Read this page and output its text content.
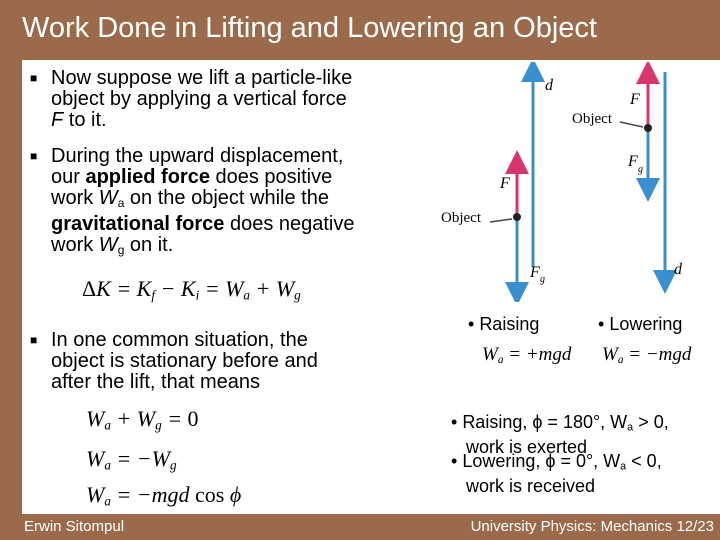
Work Done in Lifting and Lowering an Object
■ Now suppose we lift a particle-like
object by applying a vertical force
F to it.
■ During the upward displacement,
our applied force does positive
work $W_a$ on the object while the
gravitational force does negative
work $W_g$ on it.
$\Delta K = K_f - K_i = W_a + W_g$
■ In one common situation, the
object is stationary before and
after the lift, that means
$W_a + W_g = 0$
$W_a = -W_g$
$W_a = -mgd$ cos ϕ
d
F
F g
F
F g
d
Object
Object
• Raising	• Lowering
$W_a = +mgd$ $W_a = -mgd$
• Raising, ϕ = 180°, $W_a > 0$,
work is exerted
• Lowering, ϕ = 0°, $W_a < 0$,
work is received
Erwin Sitompul	University Physics: Mechanics 12/23
